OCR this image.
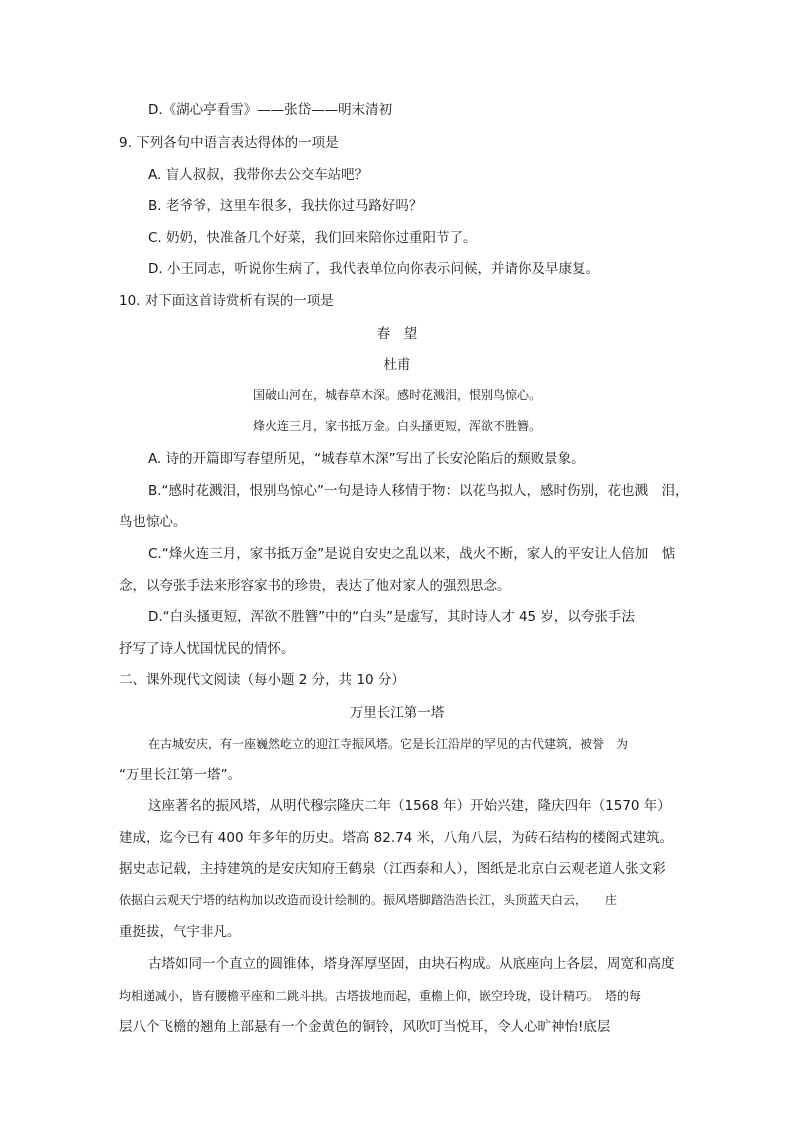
D.《湖心亭看雪》——张岱——明末清初
9. 下列各句中语言表达得体的一项是
A. 盲人叔叔，我带你去公交车站吧？
B. 老爷爷，这里车很多，我扶你过马路好吗？
C. 奶奶，快准备几个好菜，我们回来陪你过重阳节了。
D. 小王同志，听说你生病了，我代表单位向你表示问候，并请你及早康复。
10. 对下面这首诗赏析有误的一项是
春　望
杜甫
国破山河在，城春草木深。感时花溅泪，恨别鸟惊心。
烽火连三月，家书抵万金。白头搔更短，浑欲不胜簪。
A. 诗的开篇即写春望所见，“城春草木深”写出了长安沦陷后的颓败景象。
B.“感时花溅泪，恨别鸟惊心”一句是诗人移情于物：以花鸟拟人，感时伤别，花也溅　泪，
鸟也惊心。
C.“烽火连三月，家书抵万金”是说自安史之乱以来，战火不断，家人的平安让人倍加　惦
念，以夸张手法来形容家书的珍贵，表达了他对家人的强烈思念。
D.“白头搔更短，浑欲不胜簪”中的“白头”是虚写，其时诗人才 45 岁，以夸张手法
抒写了诗人忧国忧民的情怀。
二、课外现代文阅读（每小题 2 分，共 10 分）
万里长江第一塔
在古城安庆，有一座巍然屹立的迎江寺振风塔。它是长江沿岸的罕见的古代建筑，被誉　为
“万里长江第一塔”。
这座著名的振风塔，从明代穆宗隆庆二年（1568 年）开始兴建，隆庆四年（1570 年）
建成，迄今已有 400 年多年的历史。塔高 82.74 米，八角八层，为砖石结构的楼阁式建筑。
据史志记载，主持建筑的是安庆知府王鹤泉（江西泰和人），图纸是北京白云观老道人张文彩
依据白云观天宁塔的结构加以改造而设计绘制的。振风塔脚踏浩浩长江，头顶蓝天白云，　　庄
重挺拔，气宇非凡。
古塔如同一个直立的圆锥体，塔身浑厚坚固，由块石构成。从底座向上各层，周宽和高度
均相递减小，皆有腰檐平座和二跳斗拱。古塔拔地而起，重檐上仰，嵌空玲珑，设计精巧。　塔的每
层八个飞檐的翘角上部悬有一个金黄色的铜铃，风吹叮当悦耳，令人心旷神怡!底层
